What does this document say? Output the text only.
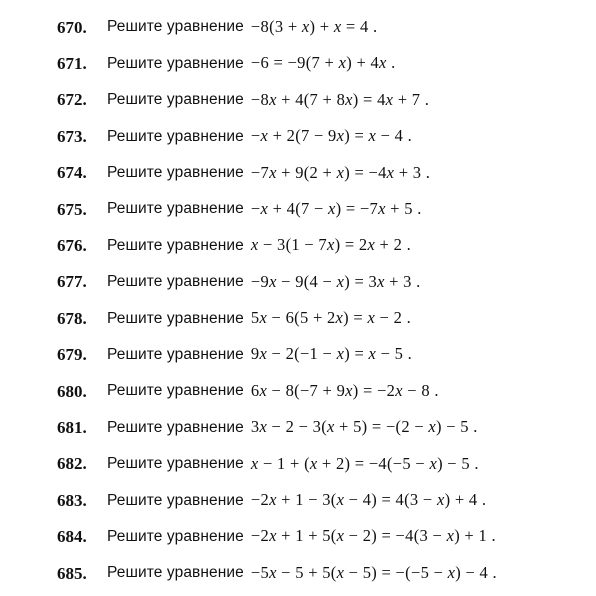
670.	Решите уравнение −8(3 + x) + x = 4 .
671.	Решите уравнение −6 = −9(7 + x) + 4x .
672.	Решите уравнение −8x + 4(7 + 8x) = 4x + 7 .
673.	Решите уравнение −x + 2(7 − 9x) = x − 4 .
674.	Решите уравнение −7x + 9(2 + x) = −4x + 3 .
675.	Решите уравнение −x + 4(7 − x) = −7x + 5 .
676.	Решите уравнение x − 3(1 − 7x) = 2x + 2 .
677.	Решите уравнение −9x − 9(4 − x) = 3x + 3 .
678.	Решите уравнение 5x − 6(5 + 2x) = x − 2 .
679.	Решите уравнение 9x − 2(−1 − x) = x − 5 .
680.	Решите уравнение 6x − 8(−7 + 9x) = −2x − 8 .
681.	Решите уравнение 3x − 2 − 3(x + 5) = −(2 − x) − 5 .
682.	Решите уравнение x − 1 + (x + 2) = −4(−5 − x) − 5 .
683.	Решите уравнение −2x + 1 − 3(x − 4) = 4(3 − x) + 4 .
684.	Решите уравнение −2x + 1 + 5(x − 2) = −4(3 − x) + 1 .
685.	Решите уравнение −5x − 5 + 5(x − 5) = −(−5 − x) − 4 .
